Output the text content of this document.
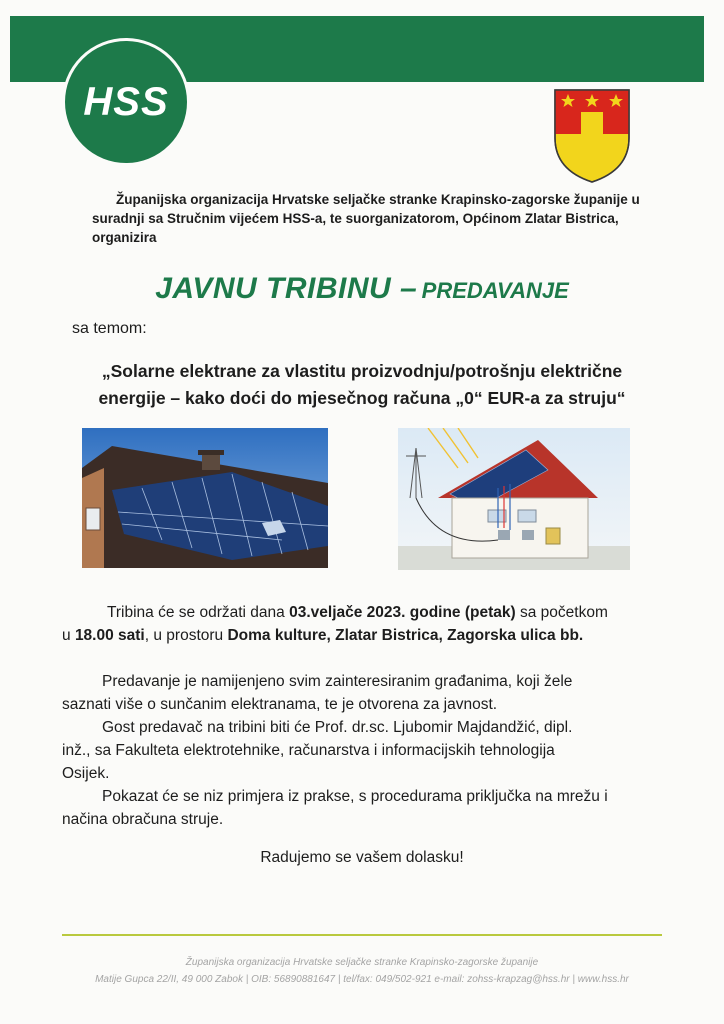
HSS
Županijska organizacija Hrvatske seljačke stranke Krapinsko-zagorske županije u
suradnji sa Stručnim vijećem HSS-a, te suorganizatorom, Općinom Zlatar Bistrica,
organizira
JAVNU TRIBINU – PREDAVANJE
sa temom:
„Solarne elektrane za vlastitu proizvodnju/potrošnju električne
energije – kako doći do mjesečnog računa „0“ EUR-a za struju“
Tribina će se održati dana 03.veljače 2023. godine (petak) sa početkom
u 18.00 sati, u prostoru Doma kulture, Zlatar Bistrica, Zagorska ulica bb.
Predavanje je namijenjeno svim zainteresiranim građanima, koji žele
saznati više o sunčanim elektranama, te je otvorena za javnost.
Gost predavač na tribini biti će Prof. dr.sc. Ljubomir Majdandžić, dipl.
inž., sa Fakulteta elektrotehnike, računarstva i informacijskih tehnologija
Osijek.
Pokazat će se niz primjera iz prakse, s procedurama priključka na mrežu i
načina obračuna struje.
Radujemo se vašem dolasku!
Županijska organizacija Hrvatske seljačke stranke Krapinsko-zagorske županije
Matije Gupca 22/II, 49 000 Zabok | OIB: 56890881647 | tel/fax: 049/502-921 e-mail: zohss-krapzag@hss.hr | www.hss.hr
